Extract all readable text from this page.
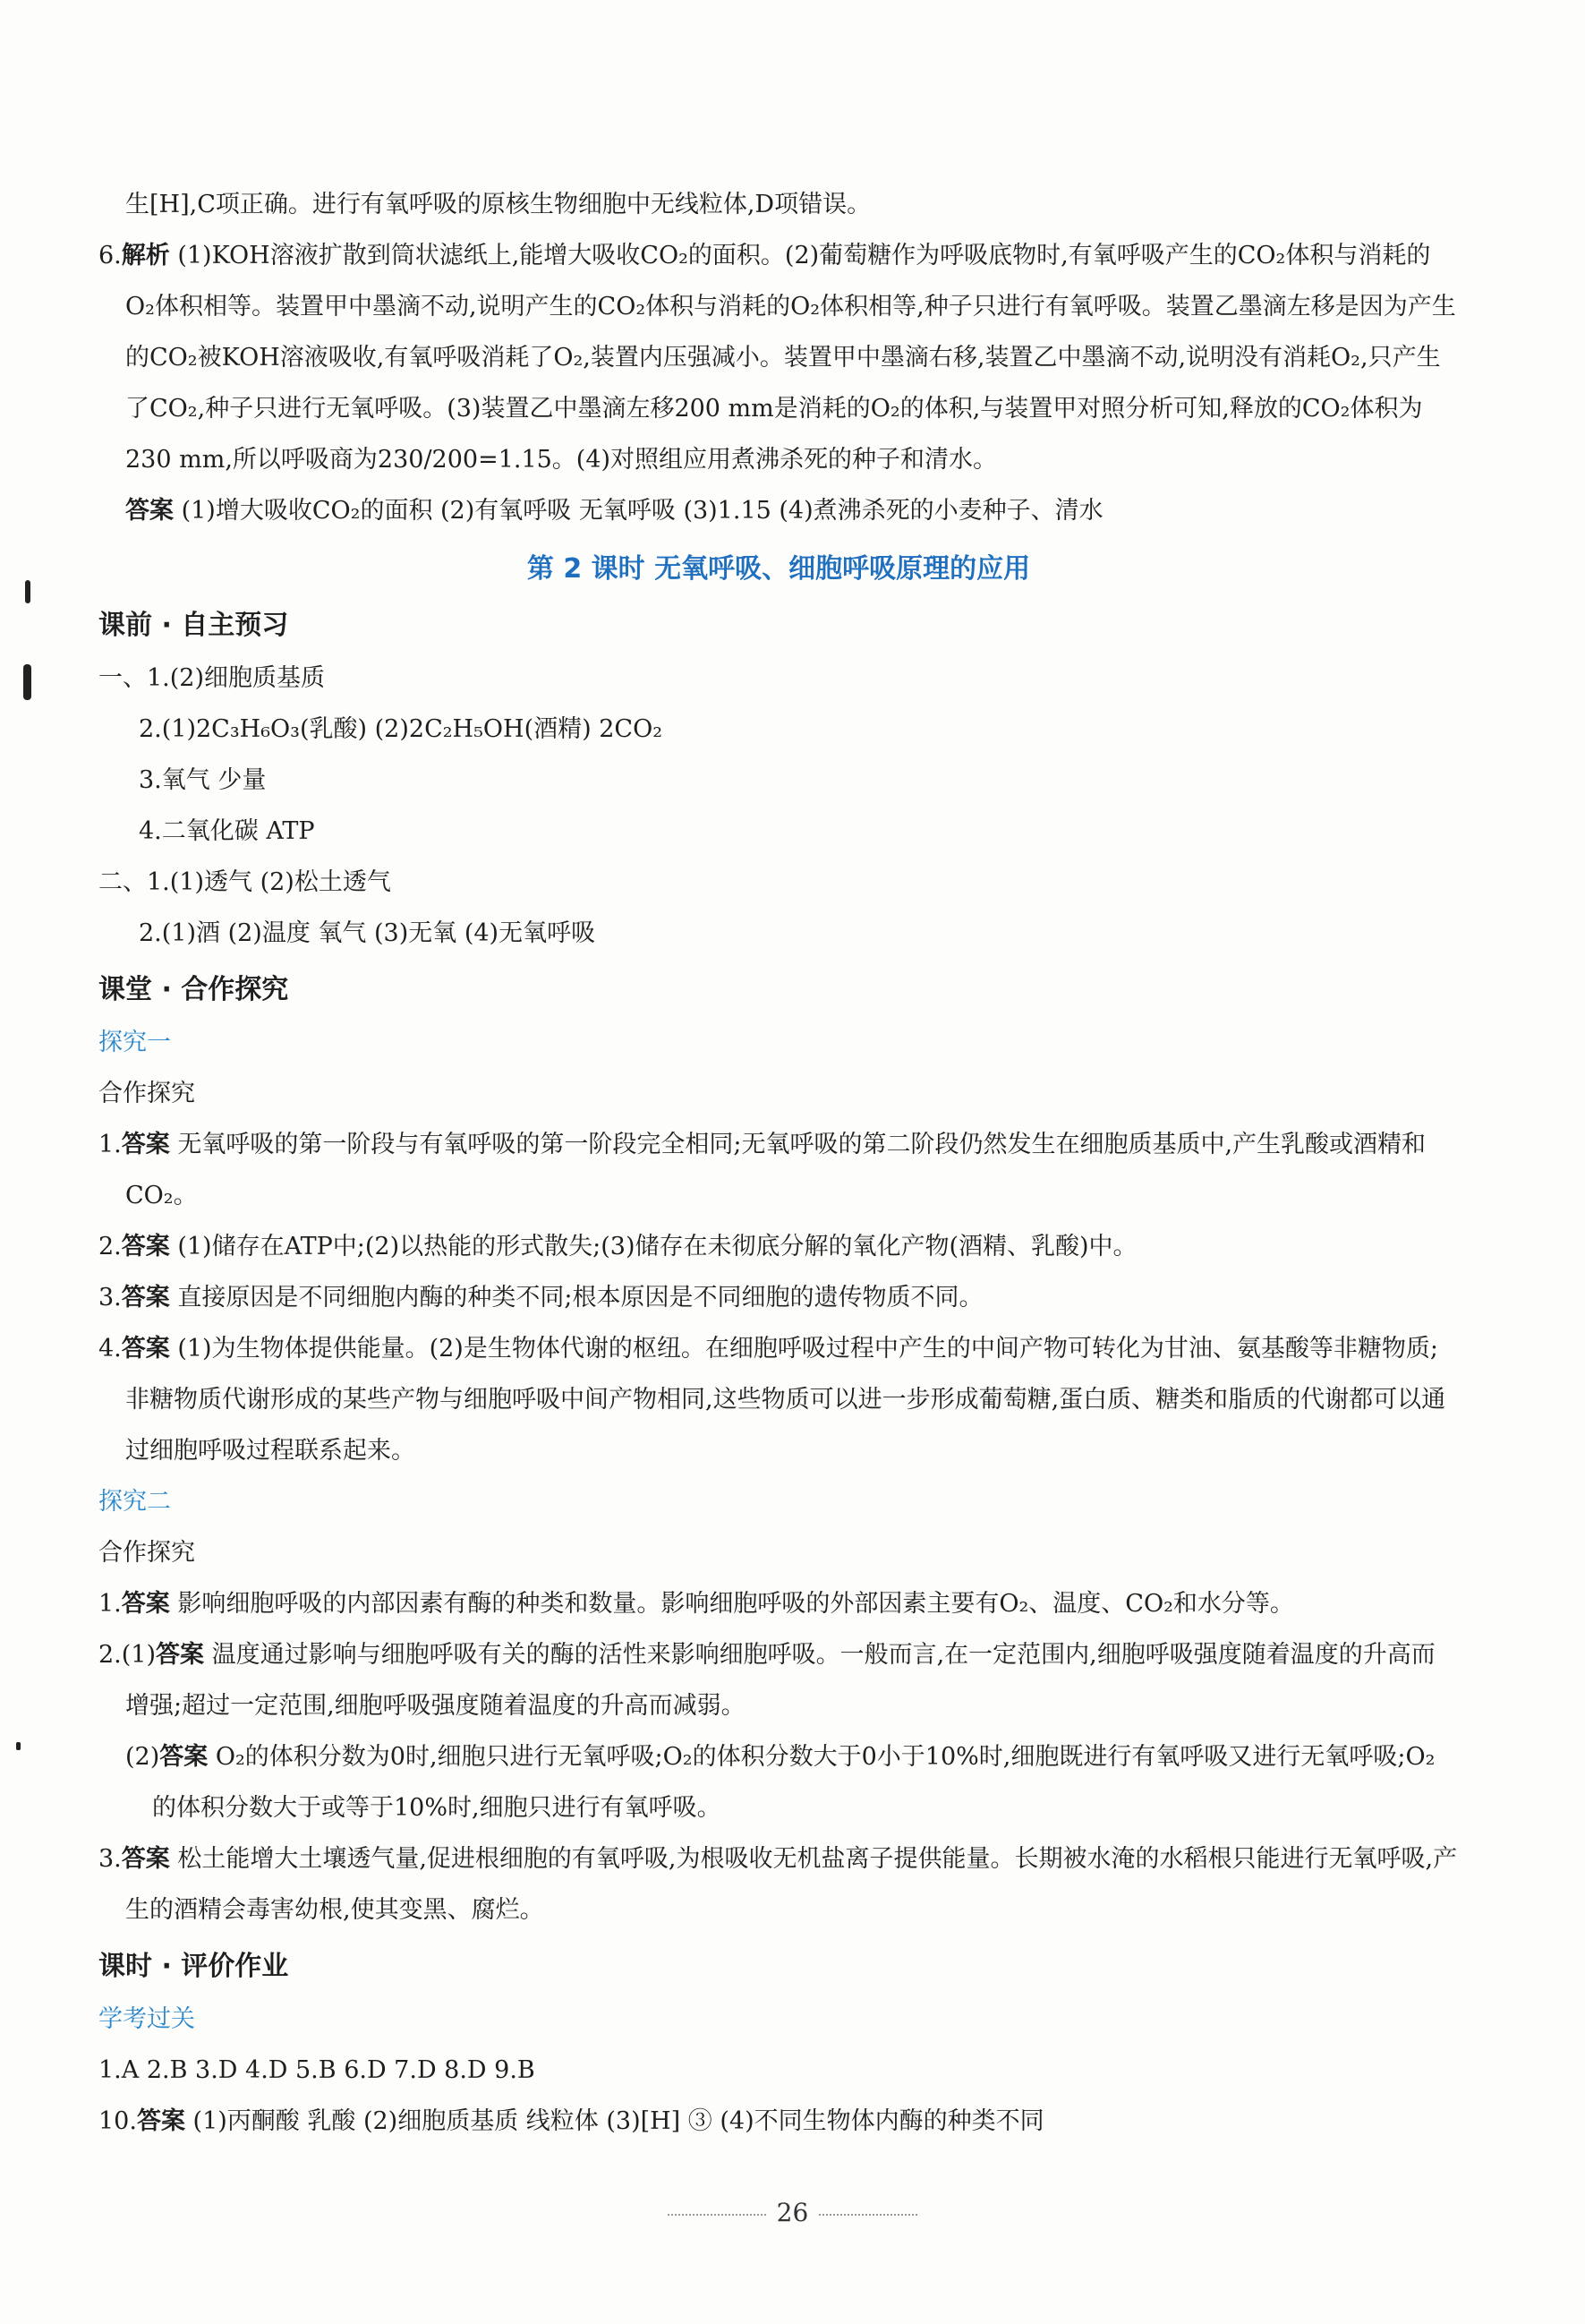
生[H],C项正确。进行有氧呼吸的原核生物细胞中无线粒体,D项错误。

6.解析 (1)KOH溶液扩散到筒状滤纸上,能增大吸收CO₂的面积。(2)葡萄糖作为呼吸底物时,有氧呼吸产生的CO₂体积与消耗的O₂体积相等。装置甲中墨滴不动,说明产生的CO₂体积与消耗的O₂体积相等,种子只进行有氧呼吸。装置乙墨滴左移是因为产生的CO₂被KOH溶液吸收,有氧呼吸消耗了O₂,装置内压强减小。装置甲中墨滴右移,装置乙中墨滴不动,说明没有消耗O₂,只产生了CO₂,种子只进行无氧呼吸。(3)装置乙中墨滴左移200 mm是消耗的O₂的体积,与装置甲对照分析可知,释放的CO₂体积为230 mm,所以呼吸商为230/200=1.15。(4)对照组应用煮沸杀死的种子和清水。

答案 (1)增大吸收CO₂的面积 (2)有氧呼吸 无氧呼吸 (3)1.15 (4)煮沸杀死的小麦种子、清水

第 2 课时 无氧呼吸、细胞呼吸原理的应用
课前 · 自主预习

一、1.(2)细胞质基质

2.(1)2C₃H₆O₃(乳酸) (2)2C₂H₅OH(酒精) 2CO₂

3.氧气 少量

4.二氧化碳 ATP

二、1.(1)透气 (2)松土透气

2.(1)酒 (2)温度 氧气 (3)无氧 (4)无氧呼吸

课堂 · 合作探究
探究一

合作探究

1.答案 无氧呼吸的第一阶段与有氧呼吸的第一阶段完全相同;无氧呼吸的第二阶段仍然发生在细胞质基质中,产生乳酸或酒精和CO₂。

2.答案 (1)储存在ATP中;(2)以热能的形式散失;(3)储存在未彻底分解的氧化产物(酒精、乳酸)中。

3.答案 直接原因是不同细胞内酶的种类不同;根本原因是不同细胞的遗传物质不同。

4.答案 (1)为生物体提供能量。(2)是生物体代谢的枢纽。在细胞呼吸过程中产生的中间产物可转化为甘油、氨基酸等非糖物质;非糖物质代谢形成的某些产物与细胞呼吸中间产物相同,这些物质可以进一步形成葡萄糖,蛋白质、糖类和脂质的代谢都可以通过细胞呼吸过程联系起来。

探究二

合作探究

1.答案 影响细胞呼吸的内部因素有酶的种类和数量。影响细胞呼吸的外部因素主要有O₂、温度、CO₂和水分等。

2.(1)答案 温度通过影响与细胞呼吸有关的酶的活性来影响细胞呼吸。一般而言,在一定范围内,细胞呼吸强度随着温度的升高而增强;超过一定范围,细胞呼吸强度随着温度的升高而减弱。

(2)答案 O₂的体积分数为0时,细胞只进行无氧呼吸;O₂的体积分数大于0小于10%时,细胞既进行有氧呼吸又进行无氧呼吸;O₂的体积分数大于或等于10%时,细胞只进行有氧呼吸。

3.答案 松土能增大土壤透气量,促进根细胞的有氧呼吸,为根吸收无机盐离子提供能量。长期被水淹的水稻根只能进行无氧呼吸,产生的酒精会毒害幼根,使其变黑、腐烂。

课时 · 评价作业
学考过关

1.A 2.B 3.D 4.D 5.B 6.D 7.D 8.D 9.B

10.答案 (1)丙酮酸 乳酸 (2)细胞质基质 线粒体 (3)[H] ③ (4)不同生物体内酶的种类不同

26
